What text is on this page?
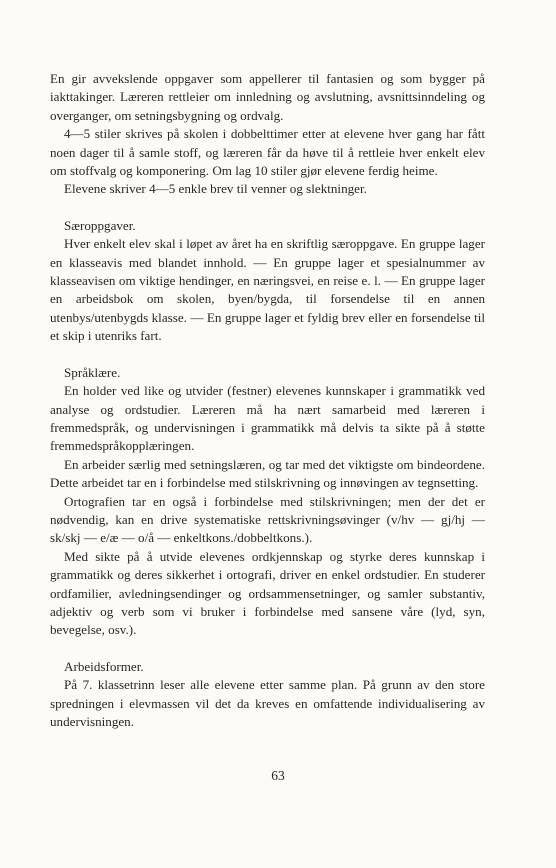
En gir avvekslende oppgaver som appellerer til fantasien og som bygger på iakttakinger. Læreren rettleier om innledning og avslutning, avsnittsinndeling og overganger, om setningsbygning og ordvalg.

4—5 stiler skrives på skolen i dobbelttimer etter at elevene hver gang har fått noen dager til å samle stoff, og læreren får da høve til å rettleie hver enkelt elev om stoffvalg og komponering. Om lag 10 stiler gjør elevene ferdig heime.

Elevene skriver 4—5 enkle brev til venner og slektninger.

Særoppgaver.

Hver enkelt elev skal i løpet av året ha en skriftlig særoppgave. En gruppe lager en klasseavis med blandet innhold. — En gruppe lager et spesialnummer av klasseavisen om viktige hendinger, en næringsvei, en reise e. l. — En gruppe lager en arbeidsbok om skolen, byen/bygda, til forsendelse til en annen utenbys/utenbygds klasse. — En gruppe lager et fyldig brev eller en forsendelse til et skip i utenriks fart.

Språklære.

En holder ved like og utvider (festner) elevenes kunnskaper i grammatikk ved analyse og ordstudier. Læreren må ha nært samarbeid med læreren i fremmedspråk, og undervisningen i grammatikk må delvis ta sikte på å støtte fremmedspråkopplæringen.

En arbeider særlig med setningslæren, og tar med det viktigste om bindeordene. Dette arbeidet tar en i forbindelse med stilskrivning og innøvingen av tegnsetting.

Ortografien tar en også i forbindelse med stilskrivningen; men der det er nødvendig, kan en drive systematiske rettskrivningsøvinger (v/hv — gj/hj — sk/skj — e/æ — o/å — enkeltkons./dobbeltkons.).

Med sikte på å utvide elevenes ordkjennskap og styrke deres kunnskap i grammatikk og deres sikkerhet i ortografi, driver en enkel ordstudier. En studerer ordfamilier, avledningsendinger og ordsammensetninger, og samler substantiv, adjektiv og verb som vi bruker i forbindelse med sansene våre (lyd, syn, bevegelse, osv.).

Arbeidsformer.

På 7. klassetrinn leser alle elevene etter samme plan. På grunn av den store spredningen i elevmassen vil det da kreves en omfattende individualisering av undervisningen.

63
